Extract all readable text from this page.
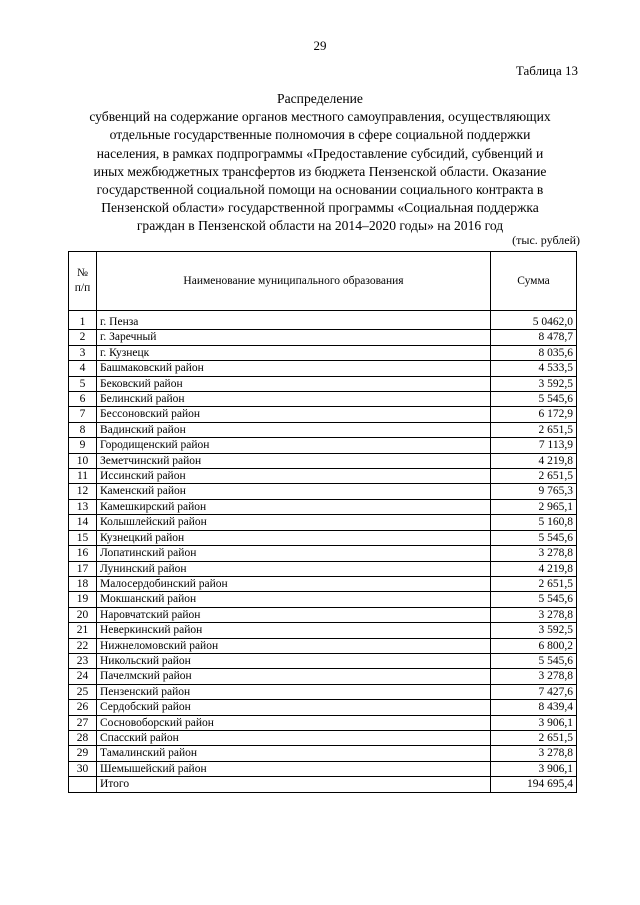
29
Таблица 13
Распределение
субвенций на содержание органов местного самоуправления, осуществляющих
отдельные государственные полномочия в сфере социальной поддержки
населения, в рамках подпрограммы «Предоставление субсидий, субвенций и
иных межбюджетных трансфертов из бюджета Пензенской области. Оказание
государственной социальной помощи на основании социального контракта в
Пензенской области» государственной программы «Социальная поддержка
граждан в Пензенской области на 2014–2020 годы» на 2016 год
(тыс. рублей)
№
п/п	Наименование муниципального образования	Сумма
1	г. Пенза	5 0462,0
2	г. Заречный	8 478,7
3	г. Кузнецк	8 035,6
4	Башмаковский район	4 533,5
5	Бековский район	3 592,5
6	Белинский район	5 545,6
7	Бессоновский район	6 172,9
8	Вадинский район	2 651,5
9	Городищенский район	7 113,9
10	Земетчинский район	4 219,8
11	Иссинский район	2 651,5
12	Каменский район	9 765,3
13	Камешкирский район	2 965,1
14	Колышлейский район	5 160,8
15	Кузнецкий район	5 545,6
16	Лопатинский район	3 278,8
17	Лунинский район	4 219,8
18	Малосердобинский район	2 651,5
19	Мокшанский район	5 545,6
20	Наровчатский район	3 278,8
21	Неверкинский район	3 592,5
22	Нижнеломовский район	6 800,2
23	Никольский район	5 545,6
24	Пачелмский район	3 278,8
25	Пензенский район	7 427,6
26	Сердобский район	8 439,4
27	Сосновоборский район	3 906,1
28	Спасский район	2 651,5
29	Тамалинский район	3 278,8
30	Шемышейский район	3 906,1
	Итого	194 695,4
